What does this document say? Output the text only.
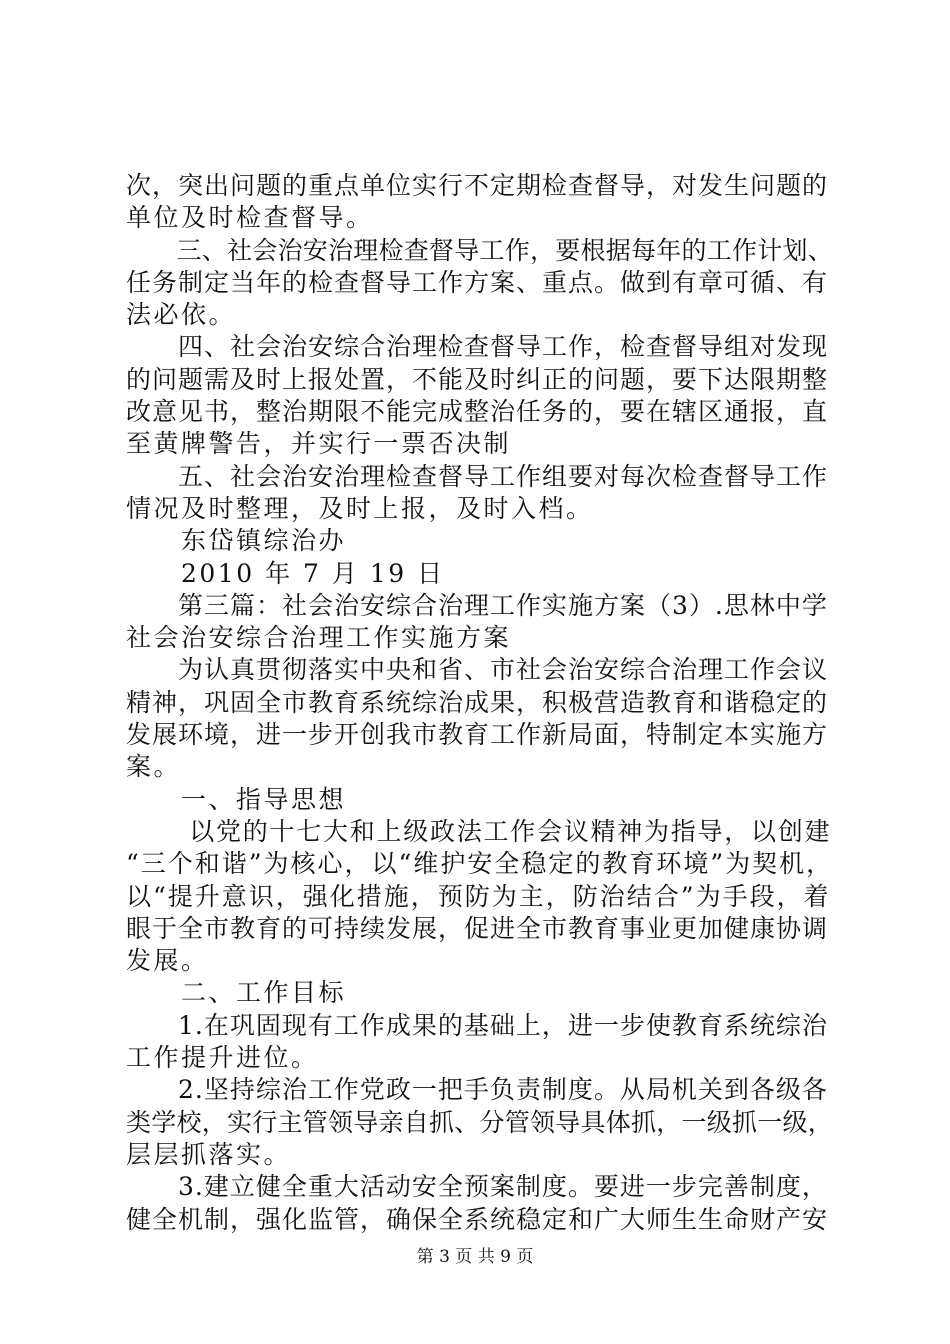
次，突出问题的重点单位实行不定期检查督导，对发生问题的
单位及时检查督导。
　　三、社会治安治理检查督导工作，要根据每年的工作计划、
任务制定当年的检查督导工作方案、重点。做到有章可循、有
法必依。
　　四、社会治安综合治理检查督导工作，检查督导组对发现
的问题需及时上报处置，不能及时纠正的问题，要下达限期整
改意见书，整治期限不能完成整治任务的，要在辖区通报，直
至黄牌警告，并实行一票否决制
　　五、社会治安治理检查督导工作组要对每次检查督导工作
情况及时整理，及时上报，及时入档。
　　东岱镇综治办
　　2010 年 7 月 19 日
　　第三篇：社会治安综合治理工作实施方案（3）.思林中学
社会治安综合治理工作实施方案
　　为认真贯彻落实中央和省、市社会治安综合治理工作会议
精神，巩固全市教育系统综治成果，积极营造教育和谐稳定的
发展环境，进一步开创我市教育工作新局面，特制定本实施方
案。
　　一、指导思想
　　 以党的十七大和上级政法工作会议精神为指导，以创建
“三个和谐”为核心，以“维护安全稳定的教育环境”为契机，
以“提升意识，强化措施，预防为主，防治结合”为手段，着
眼于全市教育的可持续发展，促进全市教育事业更加健康协调
发展。
　　二、工作目标
　　1.在巩固现有工作成果的基础上，进一步使教育系统综治
工作提升进位。
　　2.坚持综治工作党政一把手负责制度。从局机关到各级各
类学校，实行主管领导亲自抓、分管领导具体抓，一级抓一级，
层层抓落实。
　　3.建立健全重大活动安全预案制度。要进一步完善制度，
健全机制，强化监管，确保全系统稳定和广大师生生命财产安
第 3 页 共 9 页
